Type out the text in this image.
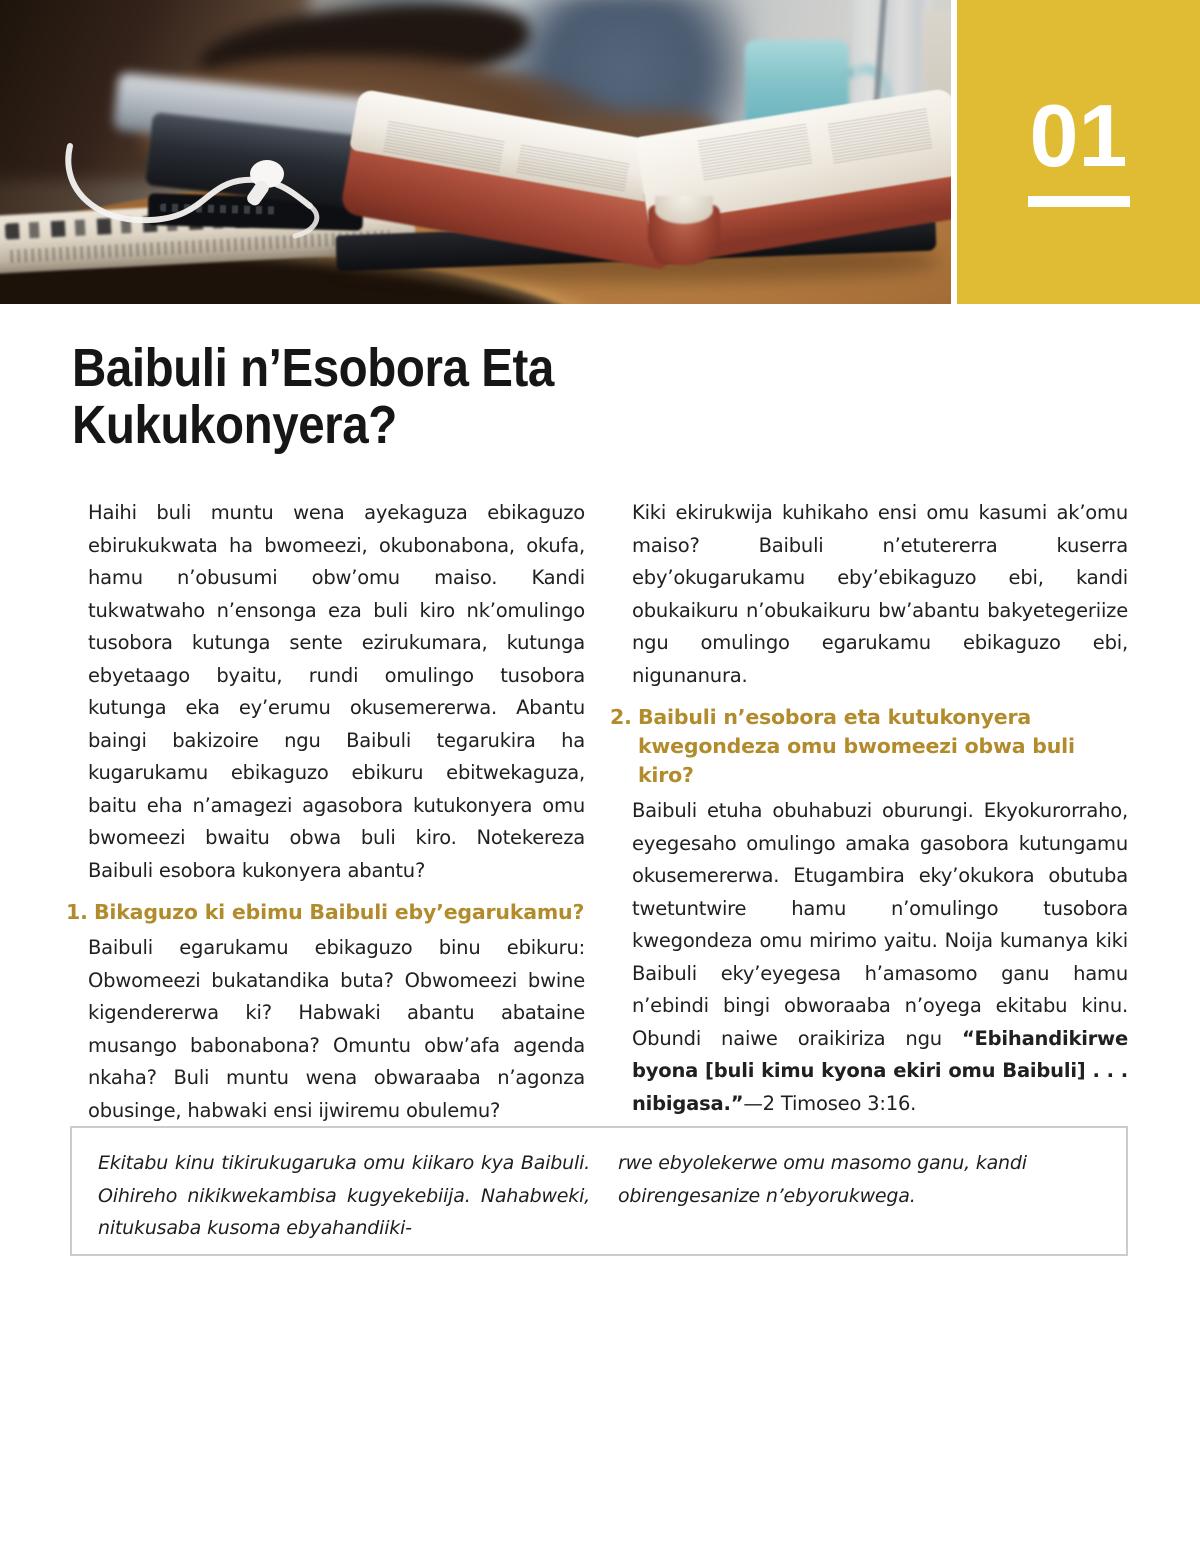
01
Baibuli n’Esobora Eta
Kukukonyera?

Haihi buli muntu wena ayekaguza ebikaguzo ebirukukwata ha bwomeezi, okubonabona, okufa, hamu n’obusumi obw’omu maiso. Kandi tukwatwaho n’ensonga eza buli kiro nk’omulingo tusobora kutunga sente ezirukumara, kutunga ebyetaago byaitu, rundi omulingo tusobora kutunga eka ey’erumu okusemererwa. Abantu baingi bakizoire ngu Baibuli tegarukira ha kugarukamu ebikaguzo ebikuru ebitwekaguza, baitu eha n’amagezi agasobora kutukonyera omu bwomeezi bwaitu obwa buli kiro. Notekereza Baibuli esobora kukonyera abantu?

1. Bikaguzo ki ebimu Baibuli eby’egarukamu?

Baibuli egarukamu ebikaguzo binu ebikuru: Obwomeezi bukatandika buta? Obwomeezi bwine kigendererwa ki? Habwaki abantu abataine musango babonabona? Omuntu obw’afa agenda nkaha? Buli muntu wena obwaraaba n’agonza obusinge, habwaki ensi ijwiremu obulemu?

Kiki ekirukwija kuhikaho ensi omu kasumi ak’omu maiso? Baibuli n’etutererra kuserra eby’okugarukamu eby’ebikaguzo ebi, kandi obukaikuru n’obukaikuru bw’abantu bakyetegeriize ngu omulingo egarukamu ebikaguzo ebi, nigunanura.

2. Baibuli n’esobora eta kutukonyera kwegondeza omu bwomeezi obwa buli kiro?

Baibuli etuha obuhabuzi oburungi. Ekyokurorraho, eyegesaho omulingo amaka gasobora kutungamu okusemererwa. Etugambira eky’okukora obutuba twetuntwire hamu n’omulingo tusobora kwegondeza omu mirimo yaitu. Noija kumanya kiki Baibuli eky’eyegesa h’amasomo ganu hamu n’ebindi bingi obworaaba n’oyega ekitabu kinu. Obundi naiwe oraikiriza ngu “Ebihandikirwe byona [buli kimu kyona ekiri omu Baibuli] . . . nibigasa.”—2 Timoseo 3:16.

Ekitabu kinu tikirukugaruka omu kiikaro kya Baibuli. Oihireho nikikwekambisa kugyekebiija. Nahabweki, nitukusaba kusoma ebyahandiiki-

rwe ebyolekerwe omu masomo ganu, kandi obirengesanize n’ebyorukwega.
